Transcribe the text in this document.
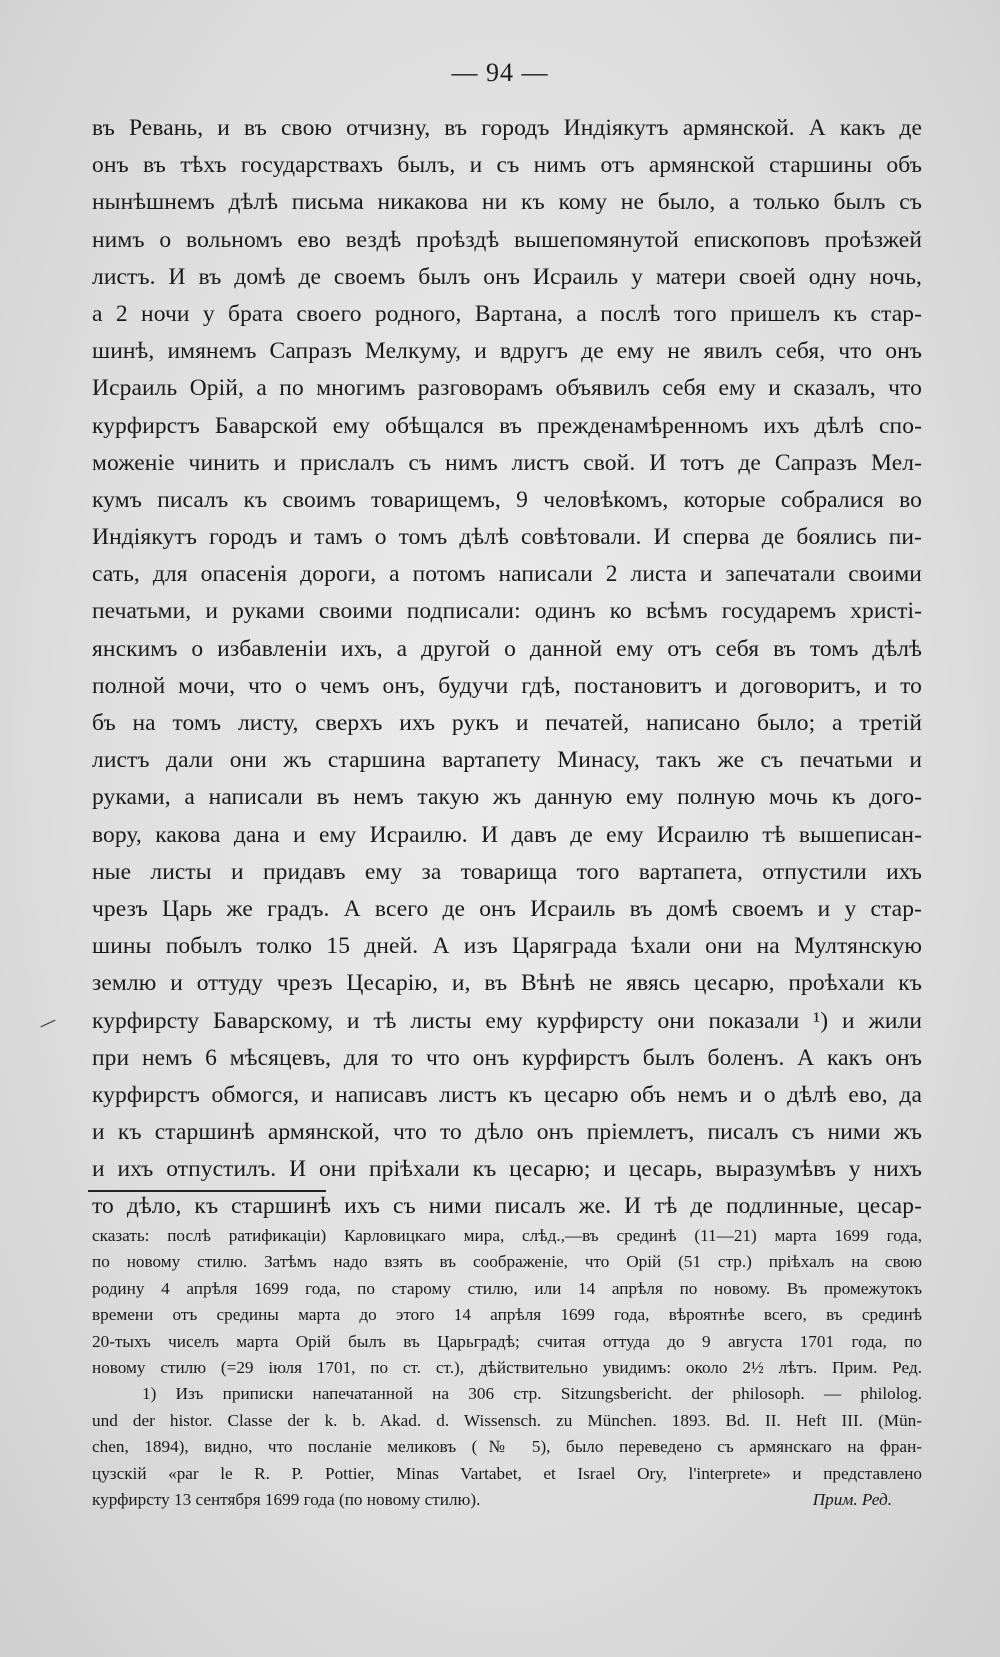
— 94 —
въ Ревань, и въ свою отчизну, въ городъ Индіякутъ армянской. А какъ де
онъ въ тѣхъ государствахъ былъ, и съ нимъ отъ армянской старшины объ
нынѣшнемъ дѣлѣ письма никакова ни къ кому не было, а только былъ съ
нимъ о вольномъ ево вездѣ проѣздѣ вышепомянутой епископовъ проѣзжей
листъ. И въ домѣ де своемъ былъ онъ Исраиль у матери своей одну ночь,
а 2 ночи у брата своего родного, Вартана, а послѣ того пришелъ къ стар-
шинѣ, имянемъ Сапразъ Мелкуму, и вдругъ де ему не явилъ себя, что онъ
Исраиль Орій, а по многимъ разговорамъ объявилъ себя ему и сказалъ, что
курфирстъ Баварской ему обѣщался въ прежденамѣренномъ ихъ дѣлѣ спо-
моженіе чинить и прислалъ съ нимъ листъ свой. И тотъ де Сапразъ Мел-
кумъ писалъ къ своимъ товарищемъ, 9 человѣкомъ, которые собралися во
Индіякутъ городъ и тамъ о томъ дѣлѣ совѣтовали. И сперва де боялись пи-
сать, для опасенія дороги, а потомъ написали 2 листа и запечатали своими
печатьми, и руками своими подписали: одинъ ко всѣмъ государемъ христі-
янскимъ о избавленіи ихъ, а другой о данной ему отъ себя въ томъ дѣлѣ
полной мочи, что о чемъ онъ, будучи гдѣ, постановитъ и договоритъ, и то
бъ на томъ листу, сверхъ ихъ рукъ и печатей, написано было; а третій
листъ дали они жъ старшина вартапету Минасу, такъ же съ печатьми и
руками, а написали въ немъ такую жъ данную ему полную мочь къ дого-
вору, какова дана и ему Исраилю. И давъ де ему Исраилю тѣ вышеписан-
ные листы и придавъ ему за товарища того вартапета, отпустили ихъ
чрезъ Царь же градъ. А всего де онъ Исраиль въ домѣ своемъ и у стар-
шины побылъ толко 15 дней. А изъ Царяграда ѣхали они на Мултянскую
землю и оттуду чрезъ Цесарію, и, въ Вѣнѣ не явясь цесарю, проѣхали къ
курфирсту Баварскому, и тѣ листы ему курфирсту они показали ¹) и жили
при немъ 6 мѣсяцевъ, для то что онъ курфирстъ былъ боленъ. А какъ онъ
курфирстъ обмогся, и написавъ листъ къ цесарю объ немъ и о дѣлѣ ево, да
и къ старшинѣ армянской, что то дѣло онъ пріемлетъ, писалъ съ ними жъ
и ихъ отпустилъ. И они пріѣхали къ цесарю; и цесарь, выразумѣвъ у нихъ
то дѣло, къ старшинѣ ихъ съ ними писалъ же. И тѣ де подлинные, цесар-
сказать: послѣ ратификаціи) Карловицкаго мира, слѣд.,—въ срединѣ (11—21) марта 1699 года,
по новому стилю. Затѣмъ надо взять въ соображеніе, что Орій (51 стр.) пріѣхалъ на свою
родину 4 апрѣля 1699 года, по старому стилю, или 14 апрѣля по новому. Въ промежутокъ
времени отъ средины марта до этого 14 апрѣля 1699 года, вѣроятнѣе всего, въ срединѣ
20-тыхъ чиселъ марта Орій былъ въ Царьградѣ; считая оттуда до 9 августа 1701 года, по
новому стилю (=29 іюля 1701, по ст. ст.), дѣйствительно увидимъ: около 2½ лѣтъ. Прим. Ред.
1) Изъ приписки напечатанной на 306 стр. Sitzungsbericht. der philosoph. — philolog.
und der histor. Classe der k. b. Akad. d. Wissensch. zu München. 1893. Bd. II. Heft III. (Mün-
chen, 1894), видно, что посланіе меликовъ (№ 5), было переведено съ армянскаго на фран-
цузскій «par le R. P. Pottier, Minas Vartabet, et Israel Ory, l'interprete» и представлено
курфирсту 13 сентября 1699 года (по новому стилю).	Прим. Ред.
